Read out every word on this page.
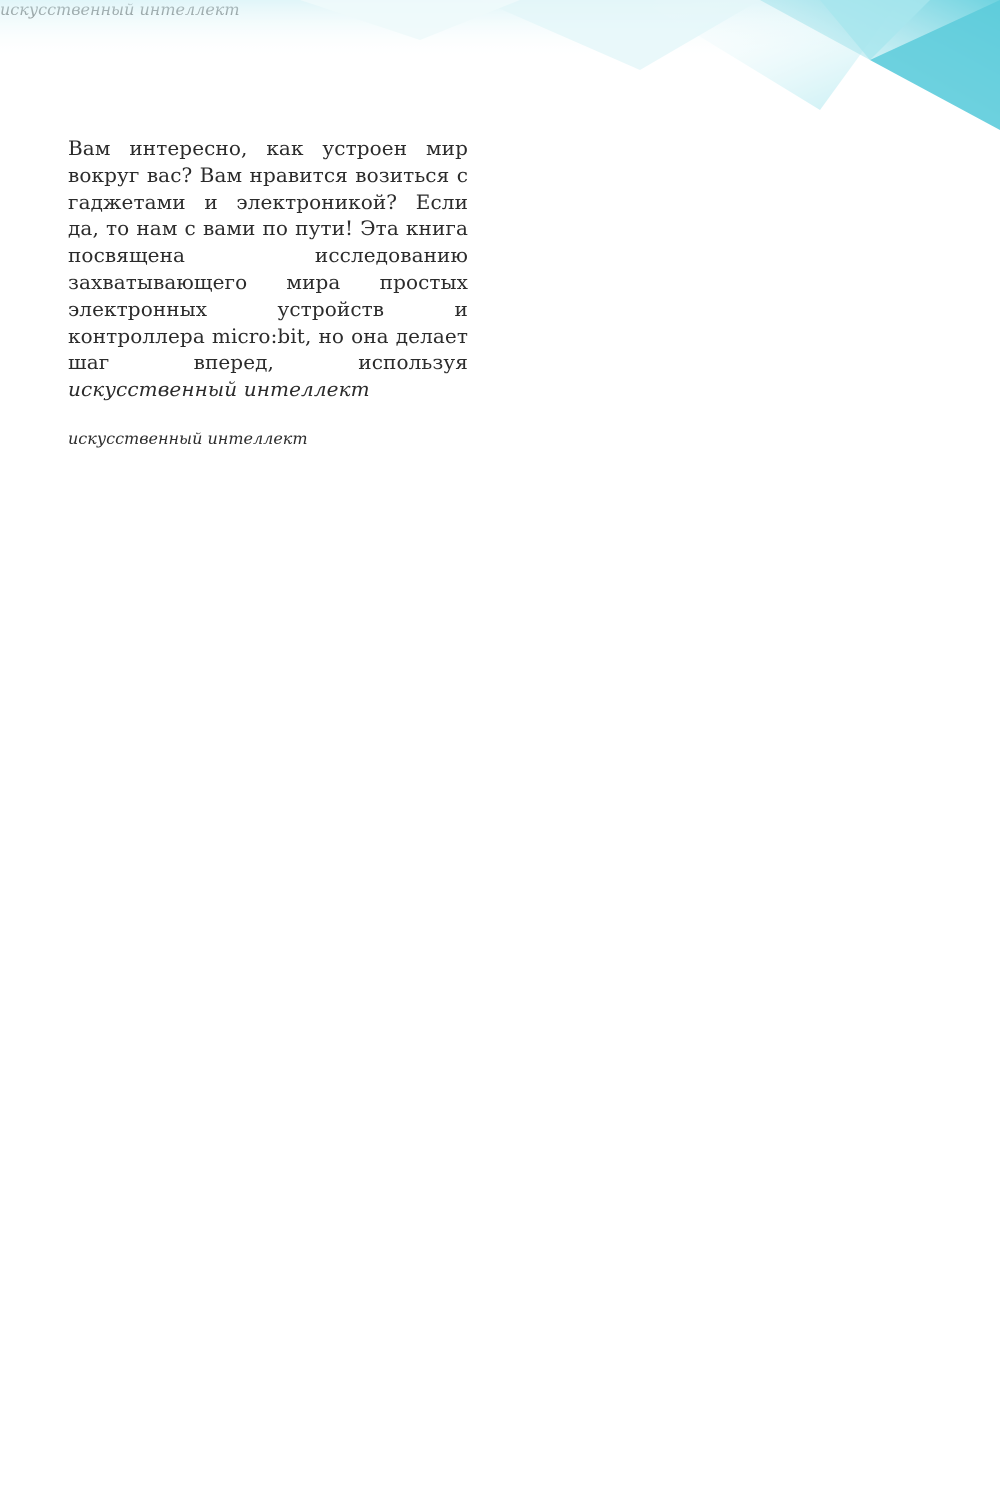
Вам интересно, как устроен мир вокруг вас? Вам нравится возиться с гаджетами и электроникой? Если да, то нам с вами по пути! Эта книга посвящена исследованию захватывающего мира простых электронных устройств и контроллера micro:bit, но она делает шаг вперед, используя искусственный интеллект

искусственный интеллект
